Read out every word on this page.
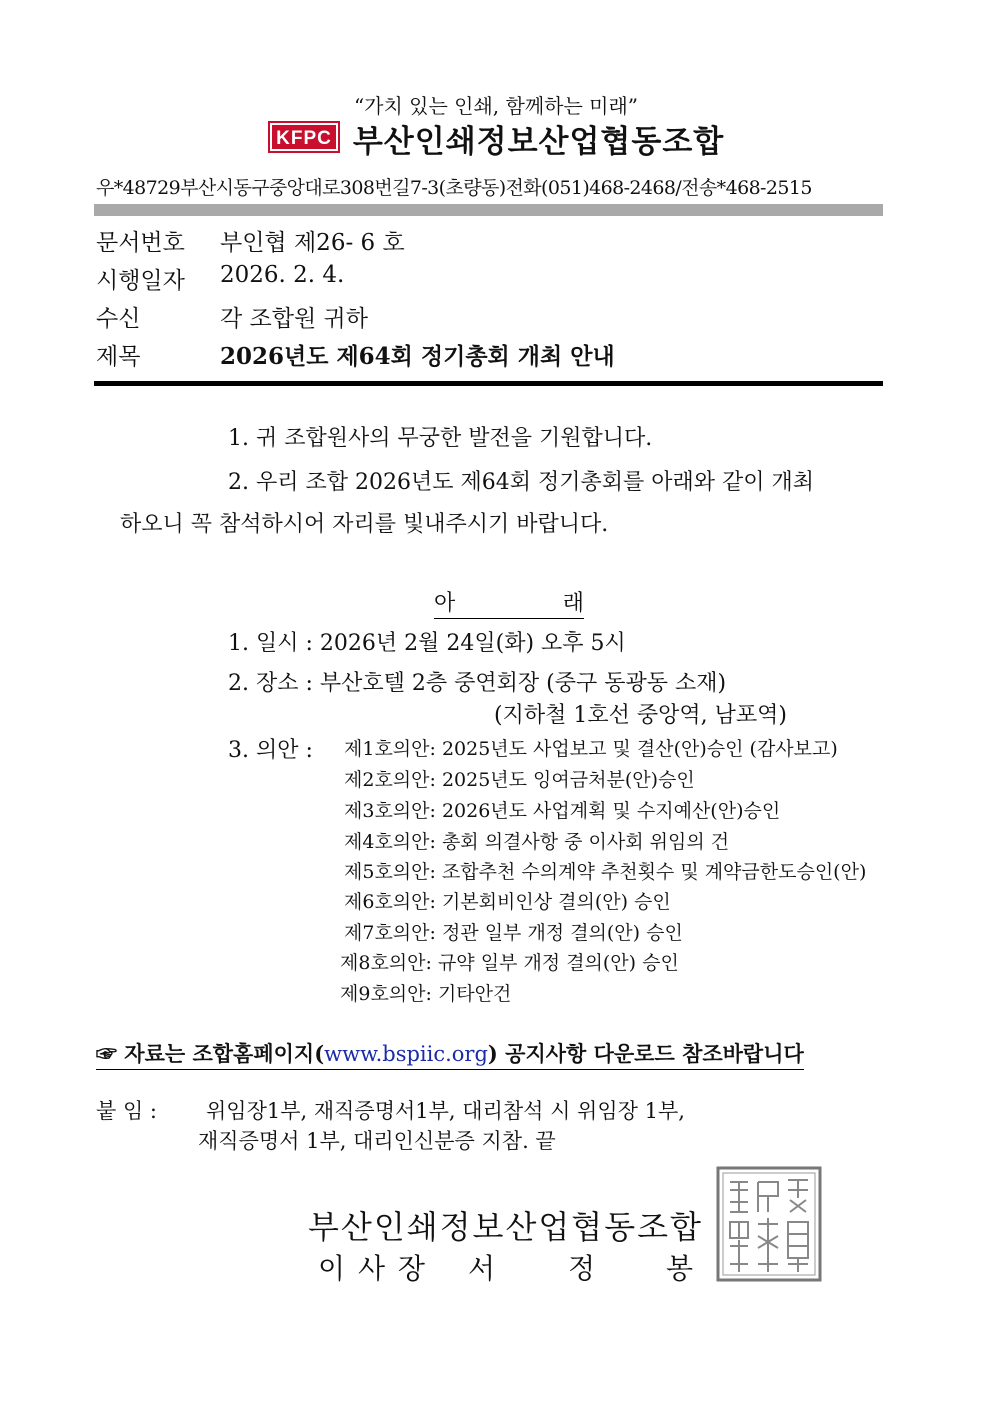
“가치 있는 인쇄, 함께하는 미래”
KFPC 부산인쇄정보산업협동조합
우*48729부산시동구중앙대로308번길7-3(초량동)전화(051)468-2468/전송*468-2515
문서번호 부인협 제26- 6 호
시행일자 2026. 2. 4.
수신	각 조합원 귀하
제목	2026년도 제64회 정기총회 개최 안내
1. 귀 조합원사의 무궁한 발전을 기원합니다.
2. 우리 조합 2026년도 제64회 정기총회를 아래와 같이 개최
하오니 꼭 참석하시어 자리를 빛내주시기 바랍니다.
아	래
1. 일시 : 2026년 2월 24일(화) 오후 5시
2. 장소 : 부산호텔 2층 중연회장 (중구 동광동 소재)
(지하철 1호선 중앙역, 남포역)
3. 의안 : 제1호의안: 2025년도 사업보고 및 결산(안)승인 (감사보고)
제2호의안: 2025년도 잉여금처분(안)승인
제3호의안: 2026년도 사업계획 및 수지예산(안)승인
제4호의안: 총회 의결사항 중 이사회 위임의 건
제5호의안: 조합추천 수의계약 추천횟수 및 계약금한도승인(안)
제6호의안: 기본회비인상 결의(안) 승인
제7호의안: 정관 일부 개정 결의(안) 승인
제8호의안: 규약 일부 개정 결의(안) 승인
제9호의안: 기타안건
☞ 자료는 조합홈페이지(www.bspiic.org) 공지사항 다운로드 참조바랍니다
붙 임 : 위임장1부, 재직증명서1부, 대리참석 시 위임장 1부,
재직증명서 1부, 대리인신분증 지참. 끝
부산인쇄정보산업협동조합
이 사 장 서	정	봉
